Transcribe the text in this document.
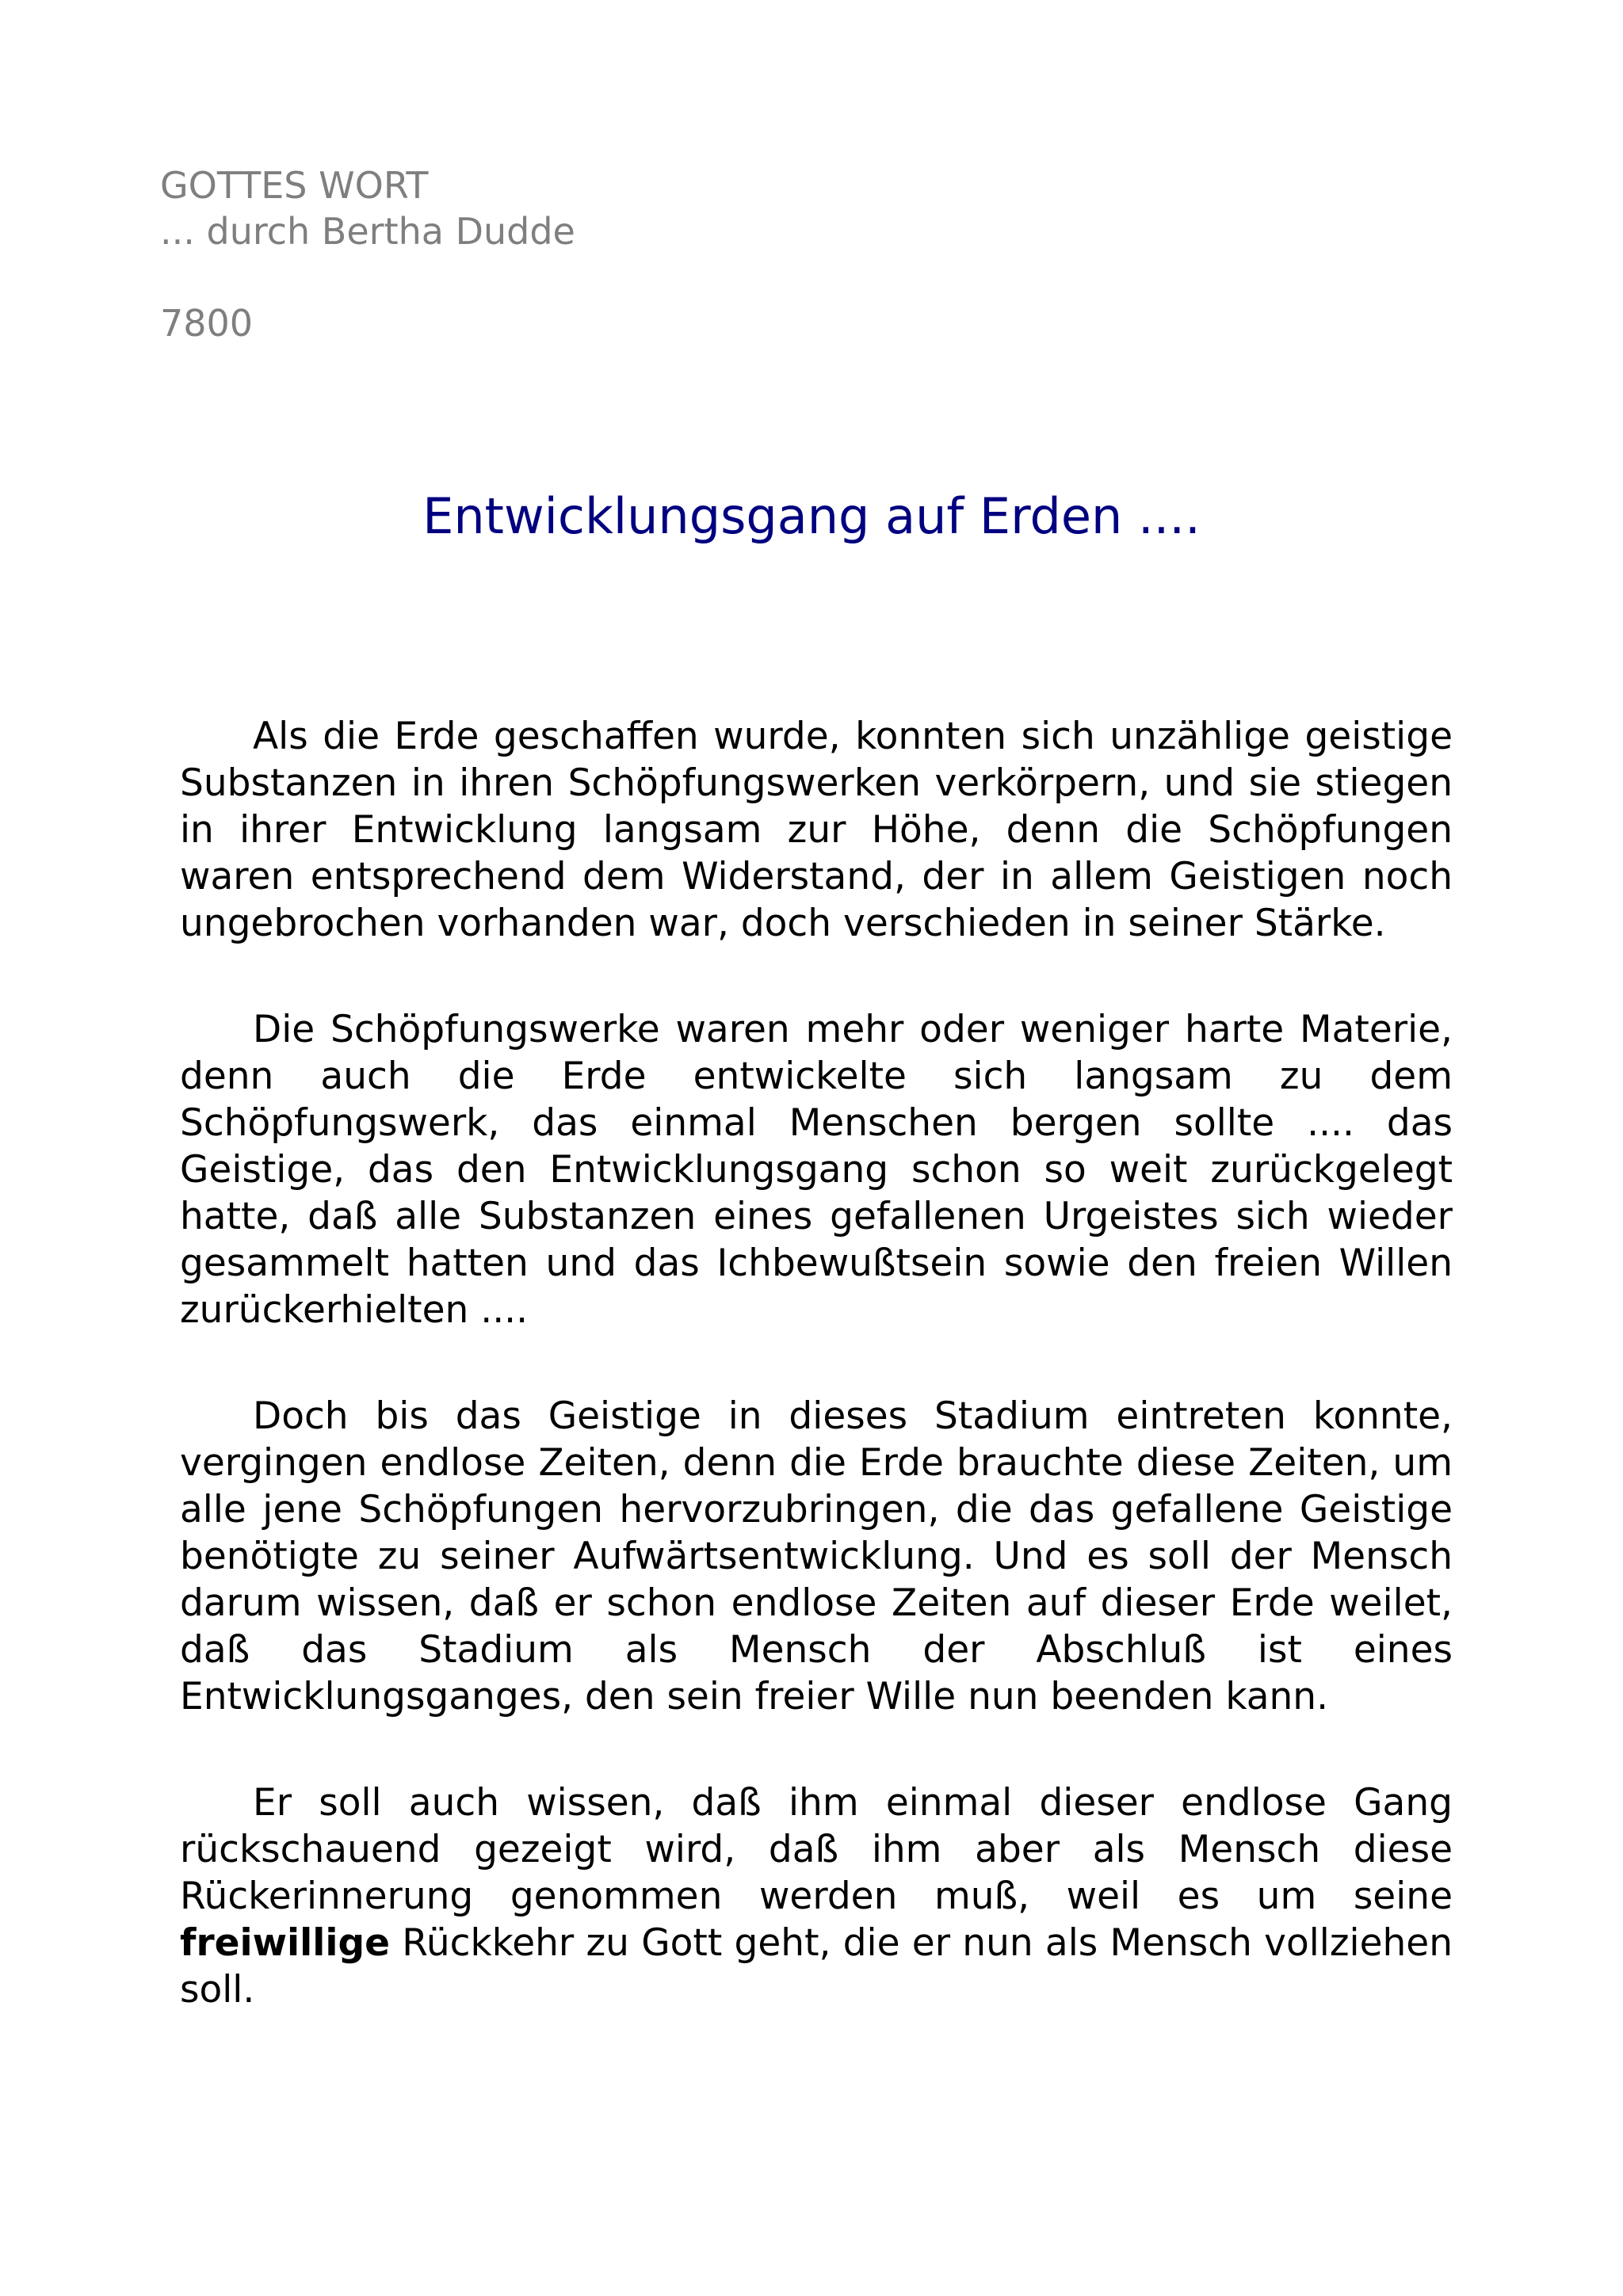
GOTTES WORT
... durch Bertha Dudde
7800
Entwicklungsgang auf Erden ....

Als die Erde geschaffen wurde, konnten sich unzählige geistige Substanzen in ihren Schöpfungswerken verkörpern, und sie stiegen in ihrer Entwicklung langsam zur Höhe, denn die Schöpfungen waren entsprechend dem Widerstand, der in allem Geistigen noch ungebrochen vorhanden war, doch verschieden in seiner Stärke.

Die Schöpfungswerke waren mehr oder weniger harte Materie, denn auch die Erde entwickelte sich langsam zu dem Schöpfungswerk, das einmal Menschen bergen sollte .... das Geistige, das den Entwicklungsgang schon so weit zurückgelegt hatte, daß alle Substanzen eines gefallenen Urgeistes sich wieder gesammelt hatten und das Ichbewußtsein sowie den freien Willen zurückerhielten ....

Doch bis das Geistige in dieses Stadium eintreten konnte, vergingen endlose Zeiten, denn die Erde brauchte diese Zeiten, um alle jene Schöpfungen hervorzubringen, die das gefallene Geistige benötigte zu seiner Aufwärtsentwicklung. Und es soll der Mensch darum wissen, daß er schon endlose Zeiten auf dieser Erde weilet, daß das Stadium als Mensch der Abschluß ist eines Entwicklungsganges, den sein freier Wille nun beenden kann.

Er soll auch wissen, daß ihm einmal dieser endlose Gang rückschauend gezeigt wird, daß ihm aber als Mensch diese Rückerinnerung genommen werden muß, weil es um seine freiwillige Rückkehr zu Gott geht, die er nun als Mensch vollziehen soll.
